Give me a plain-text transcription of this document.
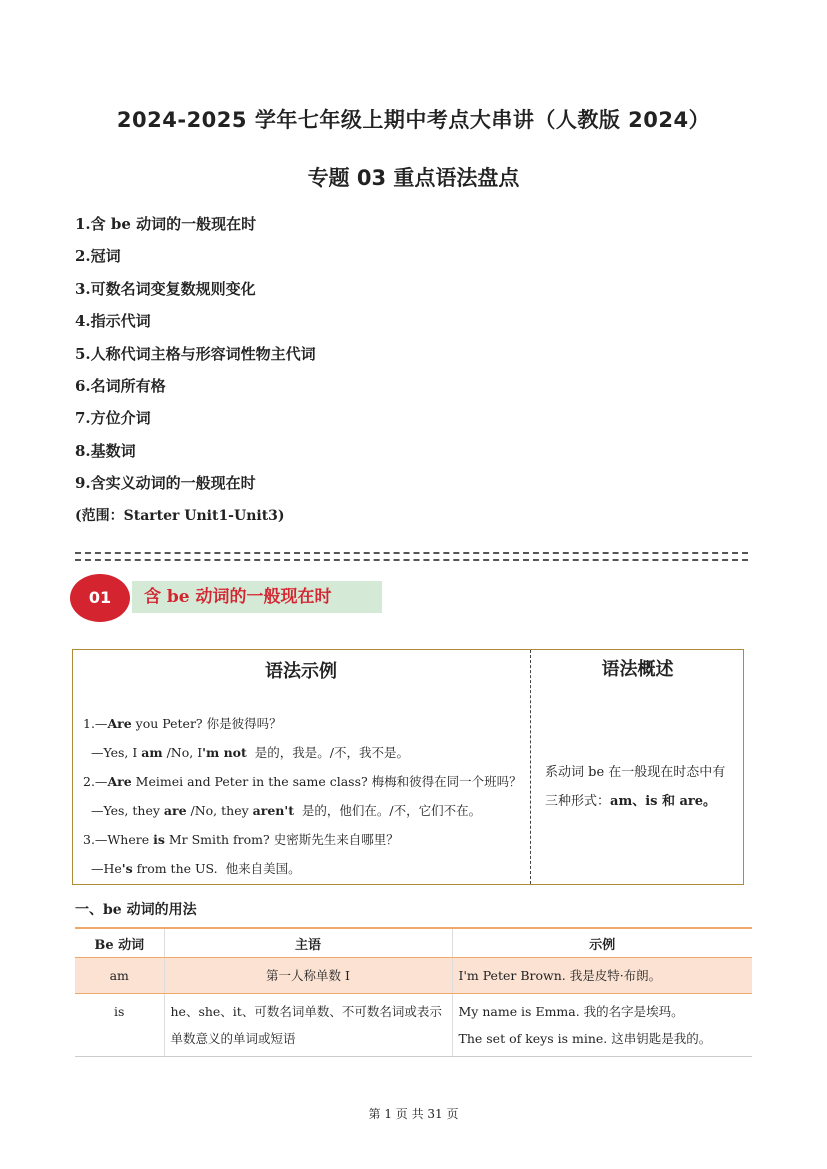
2024-2025 学年七年级上期中考点大串讲（人教版 2024）
专题 03 重点语法盘点
1.含 be 动词的一般现在时
2.冠词
3.可数名词变复数规则变化
4.指示代词
5.人称代词主格与形容词性物主代词
6.名词所有格
7.方位介词
8.基数词
9.含实义动词的一般现在时
(范围：Starter Unit1-Unit3)
01	含 be 动词的一般现在时
语法示例	语法概述
1.—Are you Peter? 你是彼得吗？
—Yes, I am /No, I'm not  是的，我是。/不，我不是。
2.—Are Meimei and Peter in the same class? 梅梅和彼得在同一个班吗？
—Yes, they are /No, they aren't  是的，他们在。/不，它们不在。
3.—Where is Mr Smith from? 史密斯先生来自哪里？
—He's from the US.  他来自美国。
系动词 be 在一般现在时态中有
三种形式：am、is 和 are。
一、be 动词的用法
Be 动词	主语	示例
am	第一人称单数 I	I'm Peter Brown. 我是皮特·布朗。
is	he、she、it、可数名词单数、不可数名词或表示单数意义的单词或短语	My name is Emma. 我的名字是埃玛。
The set of keys is mine. 这串钥匙是我的。
第 1 页 共 31 页
